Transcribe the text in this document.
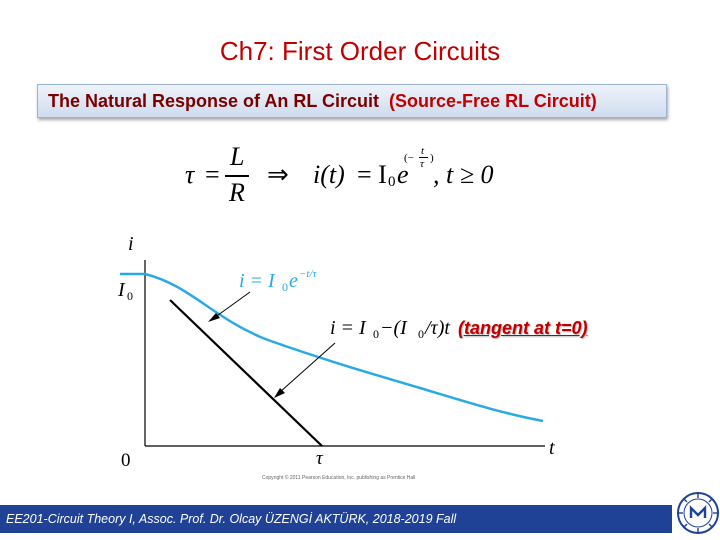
Ch7: First Order Circuits
The Natural Response of An RL Circuit (Source-Free RL Circuit)
τ =
L
R
⇒ i(t) = I 0 e
(−
t
τ )
, t ≥ 0
i
I 0
0
t
τ
i = I 0 e −t/τ
i = I 0 −(I 0 /τ)t (tangent at t=0)
Copyright © 2011 Pearson Education, Inc. publishing as Prentice Hall
EE201-Circuit Theory I, Assoc. Prof. Dr. Olcay ÜZENGİ AKTÜRK, 2018-2019 Fall
